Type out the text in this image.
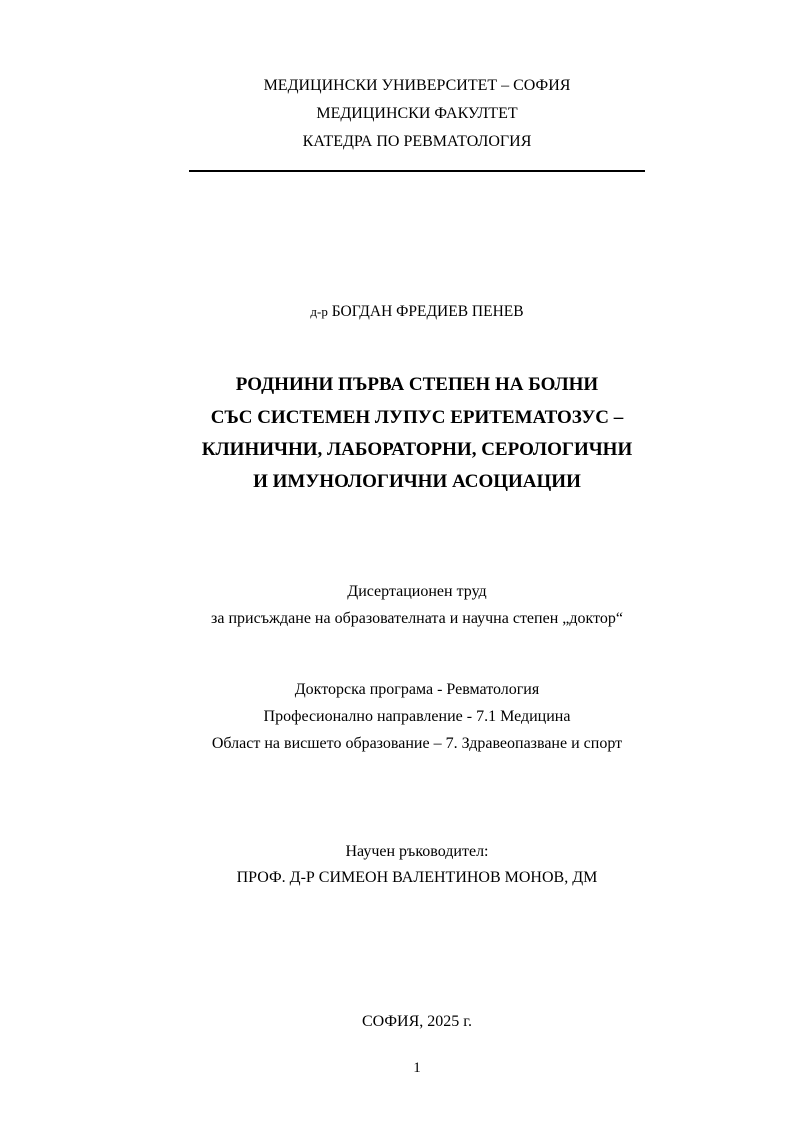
МЕДИЦИНСКИ УНИВЕРСИТЕТ – СОФИЯ
МЕДИЦИНСКИ ФАКУЛТЕТ
КАТЕДРА ПО РЕВМАТОЛОГИЯ
д-р БОГДАН ФРЕДИЕВ ПЕНЕВ
РОДНИНИ ПЪРВА СТЕПЕН НА БОЛНИ
СЪС СИСТЕМЕН ЛУПУС ЕРИТЕМАТОЗУС –
КЛИНИЧНИ, ЛАБОРАТОРНИ, СЕРОЛОГИЧНИ
И ИМУНОЛОГИЧНИ АСОЦИАЦИИ
Дисертационен труд
за присъждане на образователната и научна степен „доктор“
Докторска програма - Ревматология
Професионално направление - 7.1 Медицина
Област на висшето образование – 7. Здравеопазване и спорт
Научен ръководител:
ПРОФ. Д-Р СИМЕОН ВАЛЕНТИНОВ МОНОВ, ДМ
СОФИЯ, 2025 г.
1
